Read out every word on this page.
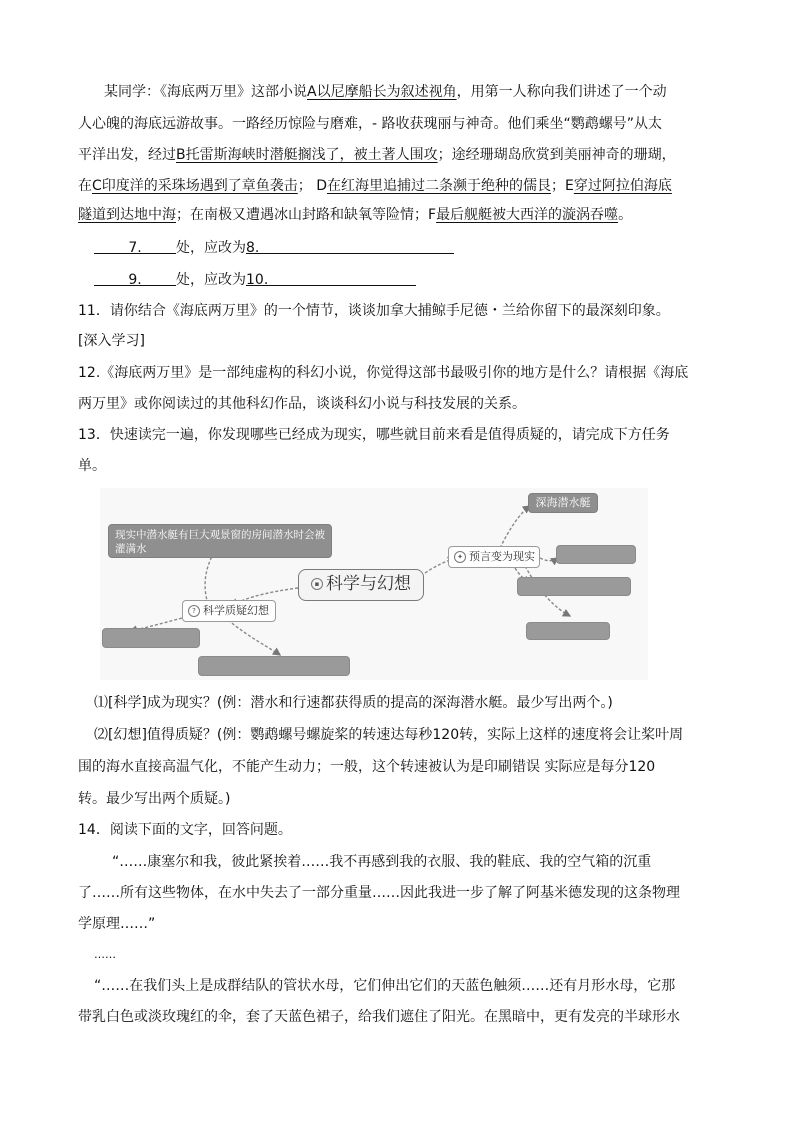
某同学：《海底两万里》这部小说A以尼摩船长为叙述视角，用第一人称向我们讲述了一个动
人心魄的海底远游故事。一路经历惊险与磨难，- 路收获瑰丽与神奇。他们乘坐“鹦鹉螺号”从太
平洋出发，经过B托雷斯海峡时潜艇搁浅了，被土著人围攻；途经珊瑚岛欣赏到美丽神奇的珊瑚，
在C印度洋的采珠场遇到了章鱼袭击； D在红海里追捕过二条濒于绝种的儒艮；E穿过阿拉伯海底
隧道到达地中海；在南极又遭遇冰山封路和缺氧等险情；F最后舰艇被大西洋的漩涡吞噬。
7. 处，应改为8.
9. 处，应改为10.
11．请你结合《海底两万里》的一个情节，谈谈加拿大捕鲸手尼德・兰给你留下的最深刻印象。
[深入学习]
12.《海底两万里》是一部纯虚构的科幻小说，你觉得这部书最吸引你的地方是什么？请根据《海底
两万里》或你阅读过的其他科幻作品，谈谈科幻小说与科技发展的关系。
13．快速读完一遍，你发现哪些已经成为现实，哪些就目前来看是值得质疑的，请完成下方任务
单。
▪ 科学与幻想
? 科学质疑幻想
现实中潜水艇有巨大观景窗的房间潜水时会被灌满水
✦ 预言变为现实
深海潜水艇
⑴[科学]成为现实？(例：潜水和行速都获得质的提高的深海潜水艇。最少写出两个。)
⑵[幻想]值得质疑？(例：鹦鹉螺号螺旋桨的转速达每秒120转，实际上这样的速度将会让桨叶周
围的海水直接高温气化，不能产生动力；一般，这个转速被认为是印刷错误 实际应是每分120
转。最少写出两个质疑。)
14．阅读下面的文字，回答问题。
“……康塞尔和我，彼此紧挨着……我不再感到我的衣服、我的鞋底、我的空气箱的沉重
了……所有这些物体，在水中失去了一部分重量……因此我进一步了解了阿基米德发现的这条物理
学原理……”
……
“……在我们头上是成群结队的管状水母，它们伸出它们的天蓝色触须……还有月形水母，它那
带乳白色或淡玫瑰红的伞，套了天蓝色裙子，给我们遮住了阳光。在黑暗中，更有发亮的半球形水
